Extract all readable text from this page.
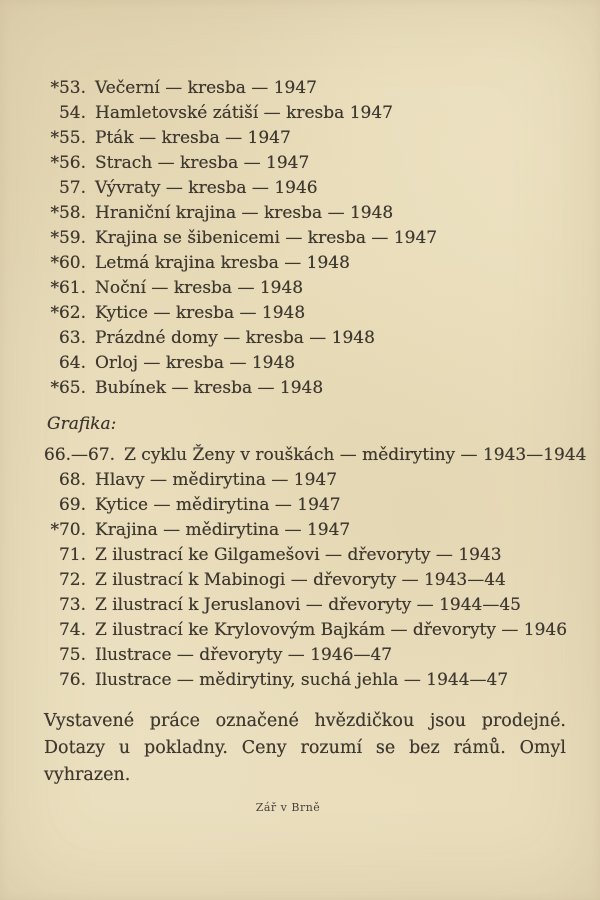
*53. Večerní — kresba — 1947
54. Hamletovské zátiší — kresba 1947
*55. Pták — kresba — 1947
*56. Strach — kresba — 1947
57. Vývraty — kresba — 1946
*58. Hraniční krajina — kresba — 1948
*59. Krajina se šibenicemi — kresba — 1947
*60. Letmá krajina kresba — 1948
*61. Noční — kresba — 1948
*62. Kytice — kresba — 1948
63. Prázdné domy — kresba — 1948
64. Orloj — kresba — 1948
*65. Bubínek — kresba — 1948
Grafika:
66.—67. Z cyklu Ženy v rouškách — mědirytiny — 1943—1944
68. Hlavy — mědirytina — 1947
69. Kytice — mědirytina — 1947
*70. Krajina — mědirytina — 1947
71. Z ilustrací ke Gilgamešovi — dřevoryty — 1943
72. Z ilustrací k Mabinogi — dřevoryty — 1943—44
73. Z ilustrací k Jeruslanovi — dřevoryty — 1944—45
74. Z ilustrací ke Krylovovým Bajkám — dřevoryty — 1946
75. Ilustrace — dřevoryty — 1946—47
76. Ilustrace — mědirytiny, suchá jehla — 1944—47

Vystavené práce označené hvězdičkou jsou prodejné. Dotazy u pokladny. Ceny rozumí se bez rámů. Omyl vyhrazen.

Zář v Brně
